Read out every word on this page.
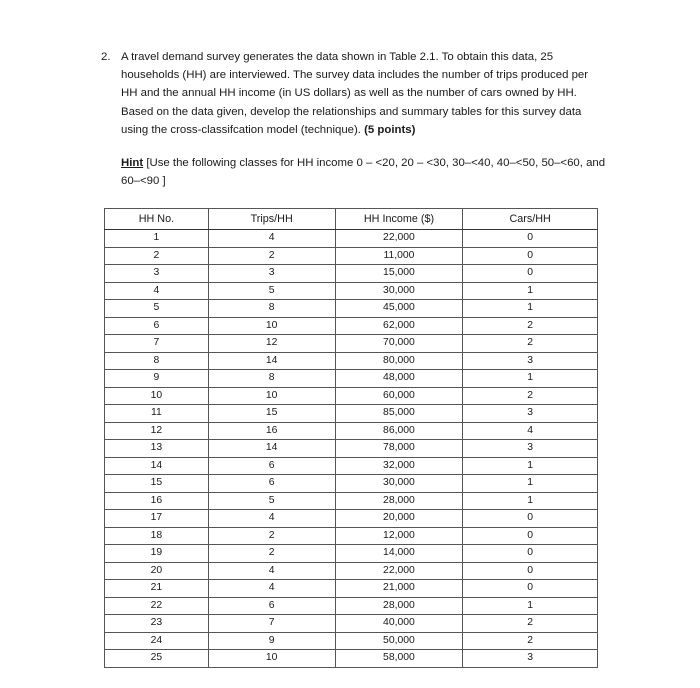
2. A travel demand survey generates the data shown in Table 2.1. To obtain this data, 25 households (HH) are interviewed. The survey data includes the number of trips produced per HH and the annual HH income (in US dollars) as well as the number of cars owned by HH. Based on the data given, develop the relationships and summary tables for this survey data using the cross-classifcation model (technique). (5 points)
Hint [Use the following classes for HH income 0 – <20, 20 – <30, 30–<40, 40–<50, 50–<60, and 60–<90 ]
HH No.	Trips/HH	HH Income ($)	Cars/HH
1	4	22,000	0
2	2	11,000	0
3	3	15,000	0
4	5	30,000	1
5	8	45,000	1
6	10	62,000	2
7	12	70,000	2
8	14	80,000	3
9	8	48,000	1
10	10	60,000	2
11	15	85,000	3
12	16	86,000	4
13	14	78,000	3
14	6	32,000	1
15	6	30,000	1
16	5	28,000	1
17	4	20,000	0
18	2	12,000	0
19	2	14,000	0
20	4	22,000	0
21	4	21,000	0
22	6	28,000	1
23	7	40,000	2
24	9	50,000	2
25	10	58,000	3
